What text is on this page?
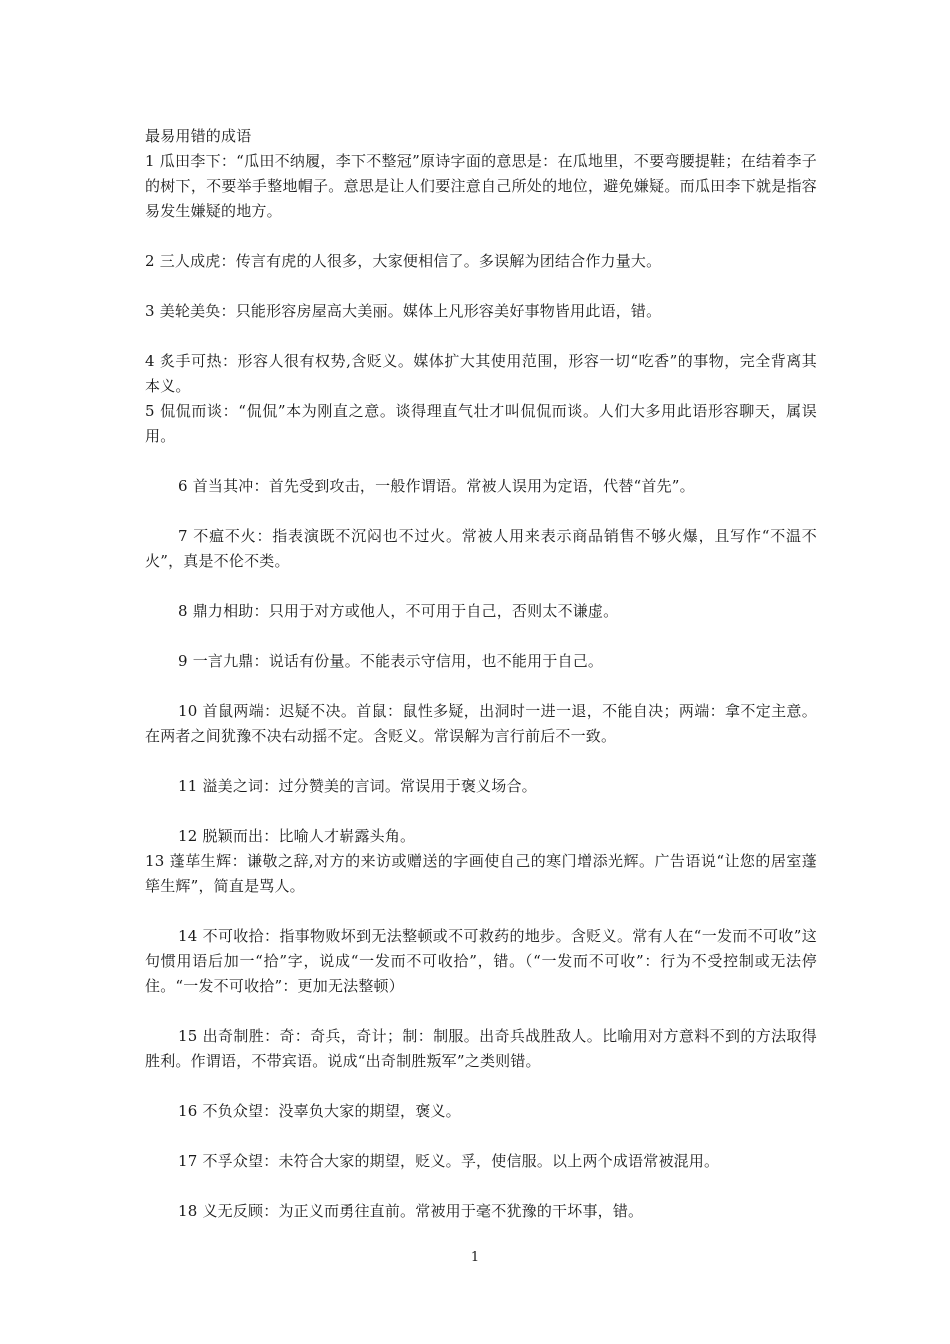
最易用错的成语

1 瓜田李下：“瓜田不纳履，李下不整冠”原诗字面的意思是：在瓜地里，不要弯腰提鞋；在结着李子的树下，不要举手整地帽子。意思是让人们要注意自己所处的地位，避免嫌疑。而瓜田李下就是指容易发生嫌疑的地方。

2 三人成虎：传言有虎的人很多，大家便相信了。多误解为团结合作力量大。

3 美轮美奂：只能形容房屋高大美丽。媒体上凡形容美好事物皆用此语，错。

4 炙手可热：形容人很有权势,含贬义。媒体扩大其使用范围，形容一切“吃香”的事物，完全背离其本义。

5 侃侃而谈：“侃侃”本为刚直之意。谈得理直气壮才叫侃侃而谈。人们大多用此语形容聊天，属误用。

6 首当其冲：首先受到攻击，一般作谓语。常被人误用为定语，代替“首先”。

7 不瘟不火：指表演既不沉闷也不过火。常被人用来表示商品销售不够火爆，且写作“不温不火”，真是不伦不类。

8 鼎力相助：只用于对方或他人，不可用于自己，否则太不谦虚。

9 一言九鼎：说话有份量。不能表示守信用，也不能用于自己。

10 首鼠两端：迟疑不决。首鼠：鼠性多疑，出洞时一进一退，不能自决；两端：拿不定主意。在两者之间犹豫不决右动摇不定。含贬义。常误解为言行前后不一致。

11 溢美之词：过分赞美的言词。常误用于褒义场合。

12 脱颖而出：比喻人才崭露头角。

13 蓬荜生辉：谦敬之辞,对方的来访或赠送的字画使自己的寒门增添光辉。广告语说“让您的居室蓬筚生辉”，简直是骂人。

14 不可收拾：指事物败坏到无法整顿或不可救药的地步。含贬义。常有人在“一发而不可收”这句惯用语后加一“拾”字，说成“一发而不可收拾”，错。（“一发而不可收”：行为不受控制或无法停住。“一发不可收拾”：更加无法整顿）

15 出奇制胜：奇：奇兵，奇计；制：制服。出奇兵战胜敌人。比喻用对方意料不到的方法取得胜利。作谓语，不带宾语。说成“出奇制胜叛军”之类则错。

16 不负众望：没辜负大家的期望，褒义。

17 不孚众望：未符合大家的期望，贬义。孚，使信服。以上两个成语常被混用。

18 义无反顾：为正义而勇往直前。常被用于毫不犹豫的干坏事，错。

1
